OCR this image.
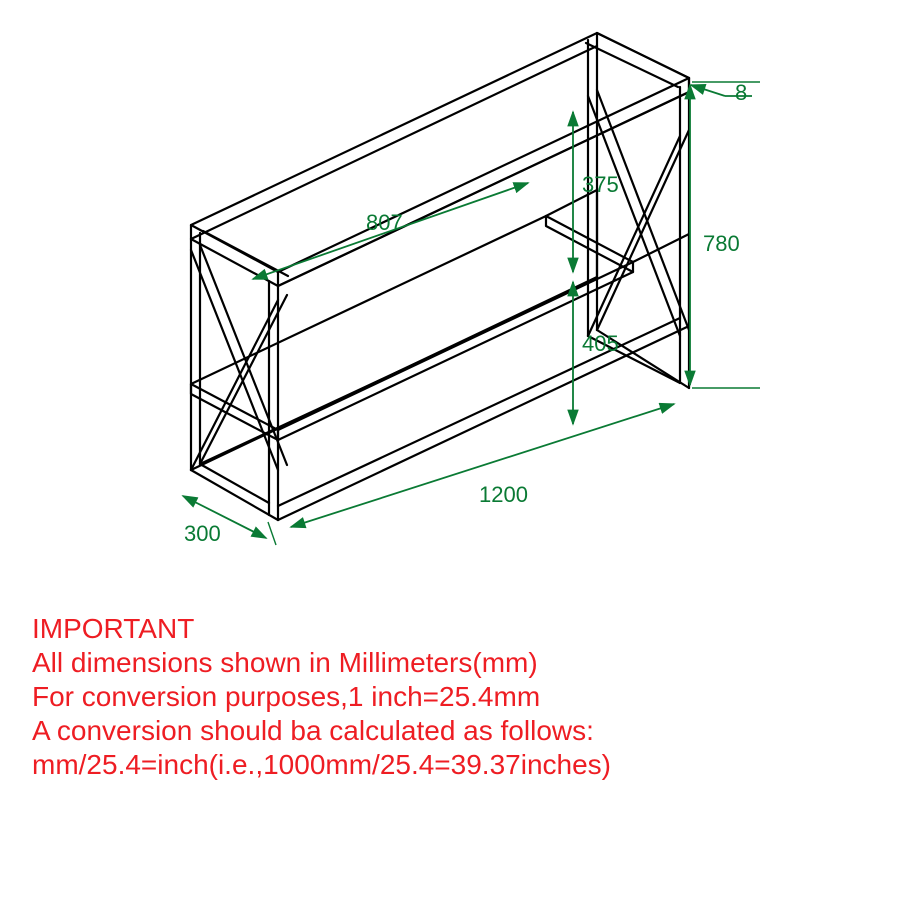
8
375
807
780
405
1200
300
IMPORTANT
All dimensions shown in Millimeters(mm)
For conversion purposes,1 inch=25.4mm
A conversion should ba calculated as follows:
mm/25.4=inch(i.e.,1000mm/25.4=39.37inches)
